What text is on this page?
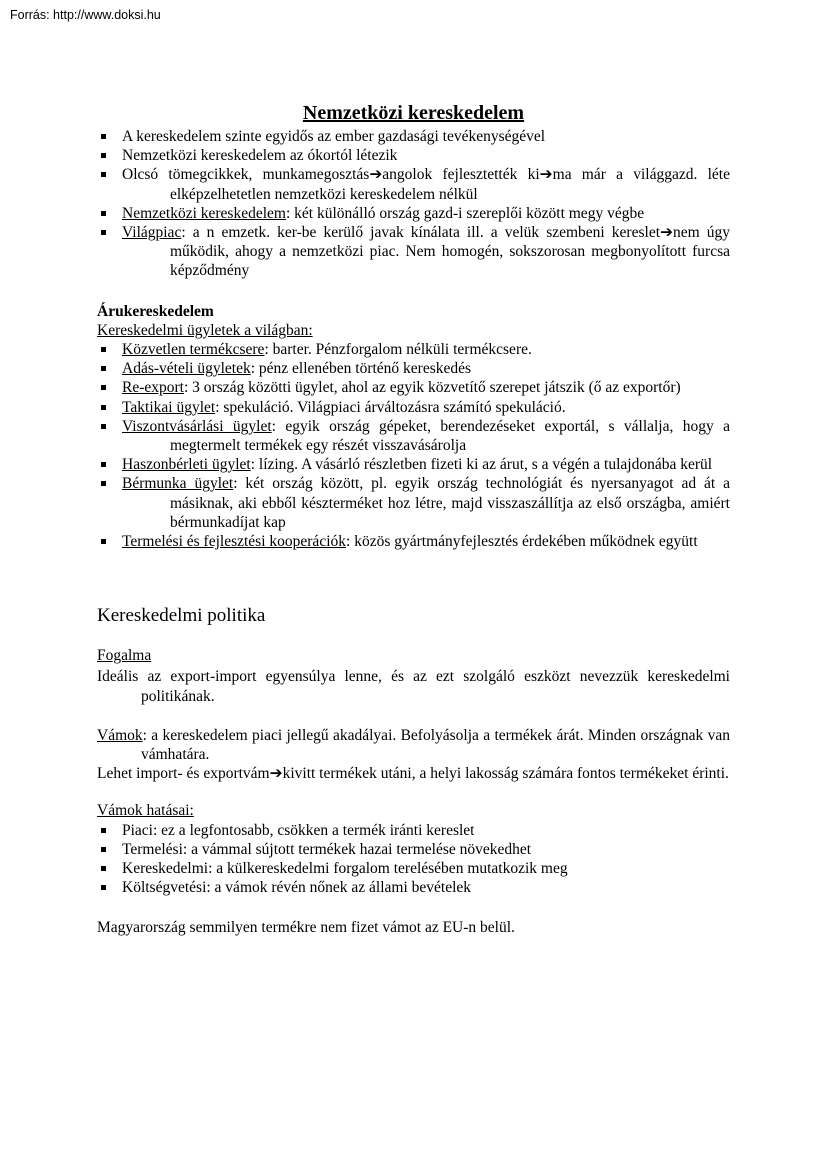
Forrás: http://www.doksi.hu
Nemzetközi kereskedelem
A kereskedelem szinte egyidős az ember gazdasági tevékenységével
Nemzetközi kereskedelem az ókortól létezik
Olcsó tömegcikkek, munkamegosztás➔angolok fejlesztették ki➔ma már a világgazd. léte elképzelhetetlen nemzetközi kereskedelem nélkül
Nemzetközi kereskedelem: két különálló ország gazd-i szereplői között megy végbe
Világpiac: a n emzetk. ker-be kerülő javak kínálata ill. a velük szembeni kereslet➔nem úgy működik, ahogy a nemzetközi piac. Nem homogén, sokszorosan megbonyolított furcsa képződmény
Árukereskedelem
Kereskedelmi ügyletek a világban:
Közvetlen termékcsere: barter. Pénzforgalom nélküli termékcsere.
Adás-vételi ügyletek: pénz ellenében történő kereskedés
Re-export: 3 ország közötti ügylet, ahol az egyik közvetítő szerepet játszik (ő az exportőr)
Taktikai ügylet: spekuláció. Világpiaci árváltozásra számító spekuláció.
Viszontvásárlási ügylet: egyik ország gépeket, berendezéseket exportál, s vállalja, hogy a megtermelt termékek egy részét visszavásárolja
Haszonbérleti ügylet: lízing. A vásárló részletben fizeti ki az árut, s a végén a tulajdonába kerül
Bérmunka ügylet: két ország között, pl. egyik ország technológiát és nyersanyagot ad át a másiknak, aki ebből készterméket hoz létre, majd visszaszállítja az első országba, amiért bérmunkadíjat kap
Termelési és fejlesztési kooperációk: közös gyártmányfejlesztés érdekében működnek együtt
Kereskedelmi politika
Fogalma

Ideális az export-import egyensúlya lenne, és az ezt szolgáló eszközt nevezzük kereskedelmi politikának.

Vámok: a kereskedelem piaci jellegű akadályai. Befolyásolja a termékek árát. Minden országnak van vámhatára.

Lehet import- és exportvám➔kivitt termékek utáni, a helyi lakosság számára fontos termékeket érinti.

Vámok hatásai:
Piaci: ez a legfontosabb, csökken a termék iránti kereslet
Termelési: a vámmal sújtott termékek hazai termelése növekedhet
Kereskedelmi: a külkereskedelmi forgalom terelésében mutatkozik meg
Költségvetési: a vámok révén nőnek az állami bevételek

Magyarország semmilyen termékre nem fizet vámot az EU-n belül.
